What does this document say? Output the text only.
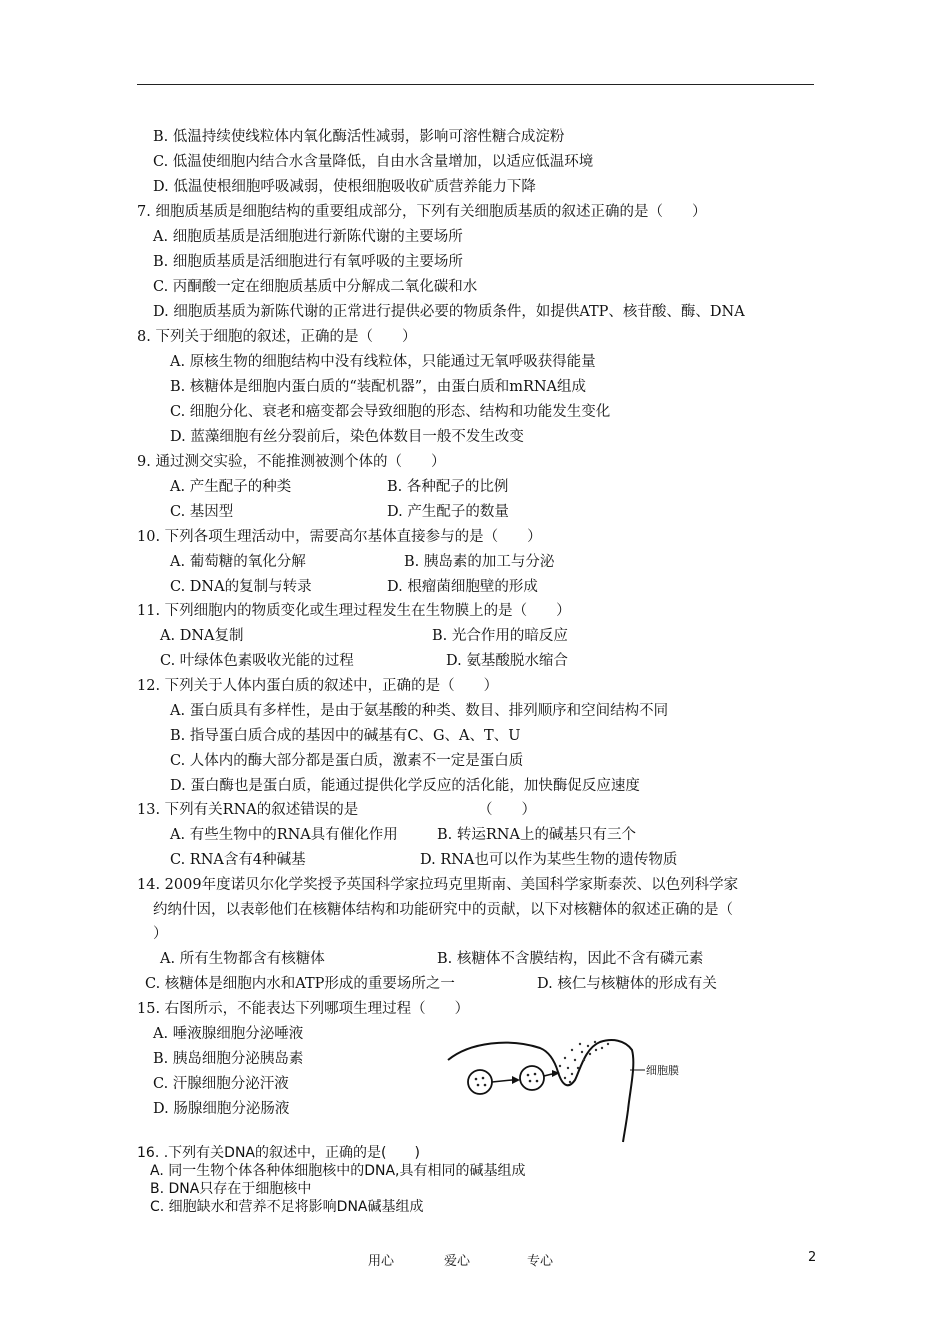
B. 低温持续使线粒体内氧化酶活性减弱，影响可溶性糖合成淀粉
C. 低温使细胞内结合水含量降低，自由水含量增加，以适应低温环境
D. 低温使根细胞呼吸减弱，使根细胞吸收矿质营养能力下降
7. 细胞质基质是细胞结构的重要组成部分，下列有关细胞质基质的叙述正确的是（　　）
A. 细胞质基质是活细胞进行新陈代谢的主要场所
B. 细胞质基质是活细胞进行有氧呼吸的主要场所
C. 丙酮酸一定在细胞质基质中分解成二氧化碳和水
D. 细胞质基质为新陈代谢的正常进行提供必要的物质条件，如提供ATP、核苷酸、酶、DNA
8. 下列关于细胞的叙述，正确的是（　　）
A. 原核生物的细胞结构中没有线粒体，只能通过无氧呼吸获得能量
B. 核糖体是细胞内蛋白质的“装配机器”，由蛋白质和mRNA组成
C. 细胞分化、衰老和癌变都会导致细胞的形态、结构和功能发生变化
D. 蓝藻细胞有丝分裂前后，染色体数目一般不发生改变
9. 通过测交实验，不能推测被测个体的（　　）
A. 产生配子的种类	B. 各种配子的比例
C. 基因型	D. 产生配子的数量
10. 下列各项生理活动中，需要高尔基体直接参与的是（　　）
A. 葡萄糖的氧化分解	B. 胰岛素的加工与分泌
C. DNA的复制与转录	D. 根瘤菌细胞壁的形成
11. 下列细胞内的物质变化或生理过程发生在生物膜上的是（　　）
A. DNA复制	B. 光合作用的暗反应
C. 叶绿体色素吸收光能的过程	D. 氨基酸脱水缩合
12. 下列关于人体内蛋白质的叙述中，正确的是（　　）
A. 蛋白质具有多样性，是由于氨基酸的种类、数目、排列顺序和空间结构不同
B. 指导蛋白质合成的基因中的碱基有C、G、A、T、U
C. 人体内的酶大部分都是蛋白质，激素不一定是蛋白质
D. 蛋白酶也是蛋白质，能通过提供化学反应的活化能，加快酶促反应速度
13. 下列有关RNA的叙述错误的是	（　　）
A. 有些生物中的RNA具有催化作用	B. 转运RNA上的碱基只有三个
C. RNA含有4种碱基	D. RNA也可以作为某些生物的遗传物质
14. 2009年度诺贝尔化学奖授予英国科学家拉玛克里斯南、美国科学家斯泰茨、以色列科学家
约纳什因，以表彰他们在核糖体结构和功能研究中的贡献，以下对核糖体的叙述正确的是（
）
A. 所有生物都含有核糖体	B. 核糖体不含膜结构，因此不含有磷元素
C. 核糖体是细胞内水和ATP形成的重要场所之一	D. 核仁与核糖体的形成有关
15. 右图所示，不能表达下列哪项生理过程（　　）
A. 唾液腺细胞分泌唾液
B. 胰岛细胞分泌胰岛素
C. 汗腺细胞分泌汗液
D. 肠腺细胞分泌肠液
16. .下列有关DNA的叙述中，正确的是(　　)
A. 同一生物个体各种体细胞核中的DNA,具有相同的碱基组成
B. DNA只存在于细胞核中
C. 细胞缺水和营养不足将影响DNA碱基组成
细胞膜
用心	爱心	专心	2
